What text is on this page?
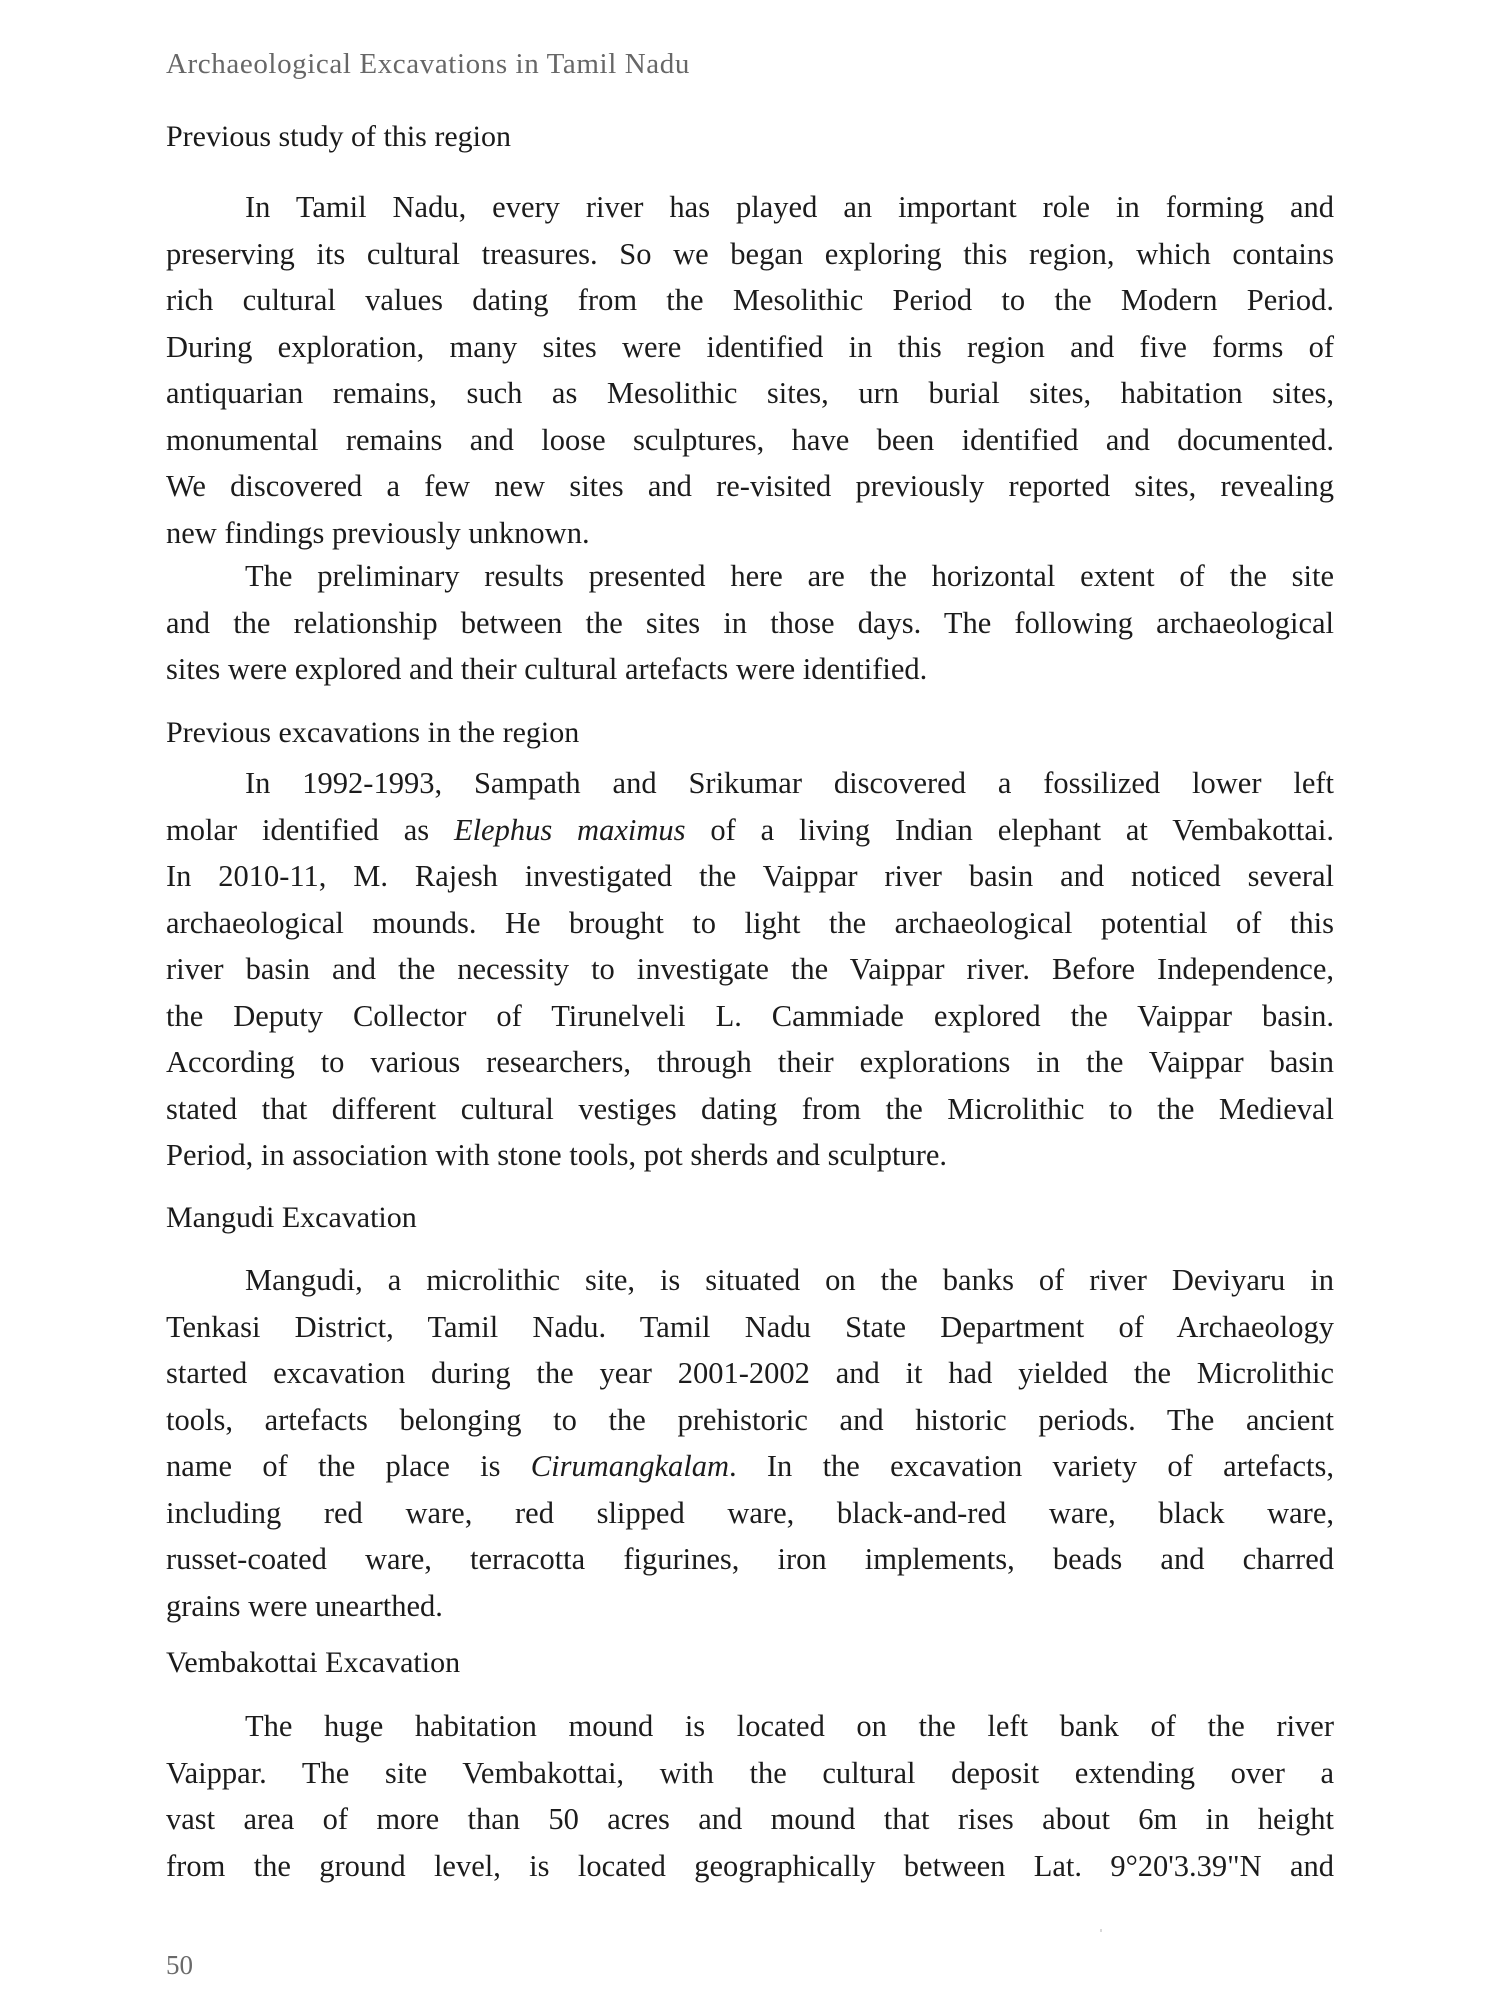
Archaeological Excavations in Tamil Nadu
Previous study of this region
In Tamil Nadu, every river has played an important role in forming and
preserving its cultural treasures. So we began exploring this region, which contains
rich cultural values dating from the Mesolithic Period to the Modern Period.
During exploration, many sites were identified in this region and five forms of
antiquarian remains, such as Mesolithic sites, urn burial sites, habitation sites,
monumental remains and loose sculptures, have been identified and documented.
We discovered a few new sites and re-visited previously reported sites, revealing
new findings previously unknown.
The preliminary results presented here are the horizontal extent of the site
and the relationship between the sites in those days. The following archaeological
sites were explored and their cultural artefacts were identified.
Previous excavations in the region
In 1992-1993, Sampath and Srikumar discovered a fossilized lower left
molar identified as Elephus maximus of a living Indian elephant at Vembakottai.
In 2010-11, M. Rajesh investigated the Vaippar river basin and noticed several
archaeological mounds. He brought to light the archaeological potential of this
river basin and the necessity to investigate the Vaippar river. Before Independence,
the Deputy Collector of Tirunelveli L. Cammiade explored the Vaippar basin.
According to various researchers, through their explorations in the Vaippar basin
stated that different cultural vestiges dating from the Microlithic to the Medieval
Period, in association with stone tools, pot sherds and sculpture.
Mangudi Excavation
Mangudi, a microlithic site, is situated on the banks of river Deviyaru in
Tenkasi District, Tamil Nadu. Tamil Nadu State Department of Archaeology
started excavation during the year 2001-2002 and it had yielded the Microlithic
tools, artefacts belonging to the prehistoric and historic periods. The ancient
name of the place is Cirumangkalam. In the excavation variety of artefacts,
including red ware, red slipped ware, black-and-red ware, black ware,
russet-coated ware, terracotta figurines, iron implements, beads and charred
grains were unearthed.
Vembakottai Excavation
The huge habitation mound is located on the left bank of the river
Vaippar. The site Vembakottai, with the cultural deposit extending over a
vast area of more than 50 acres and mound that rises about 6m in height
from the ground level, is located geographically between Lat. 9°20'3.39"N and
50
